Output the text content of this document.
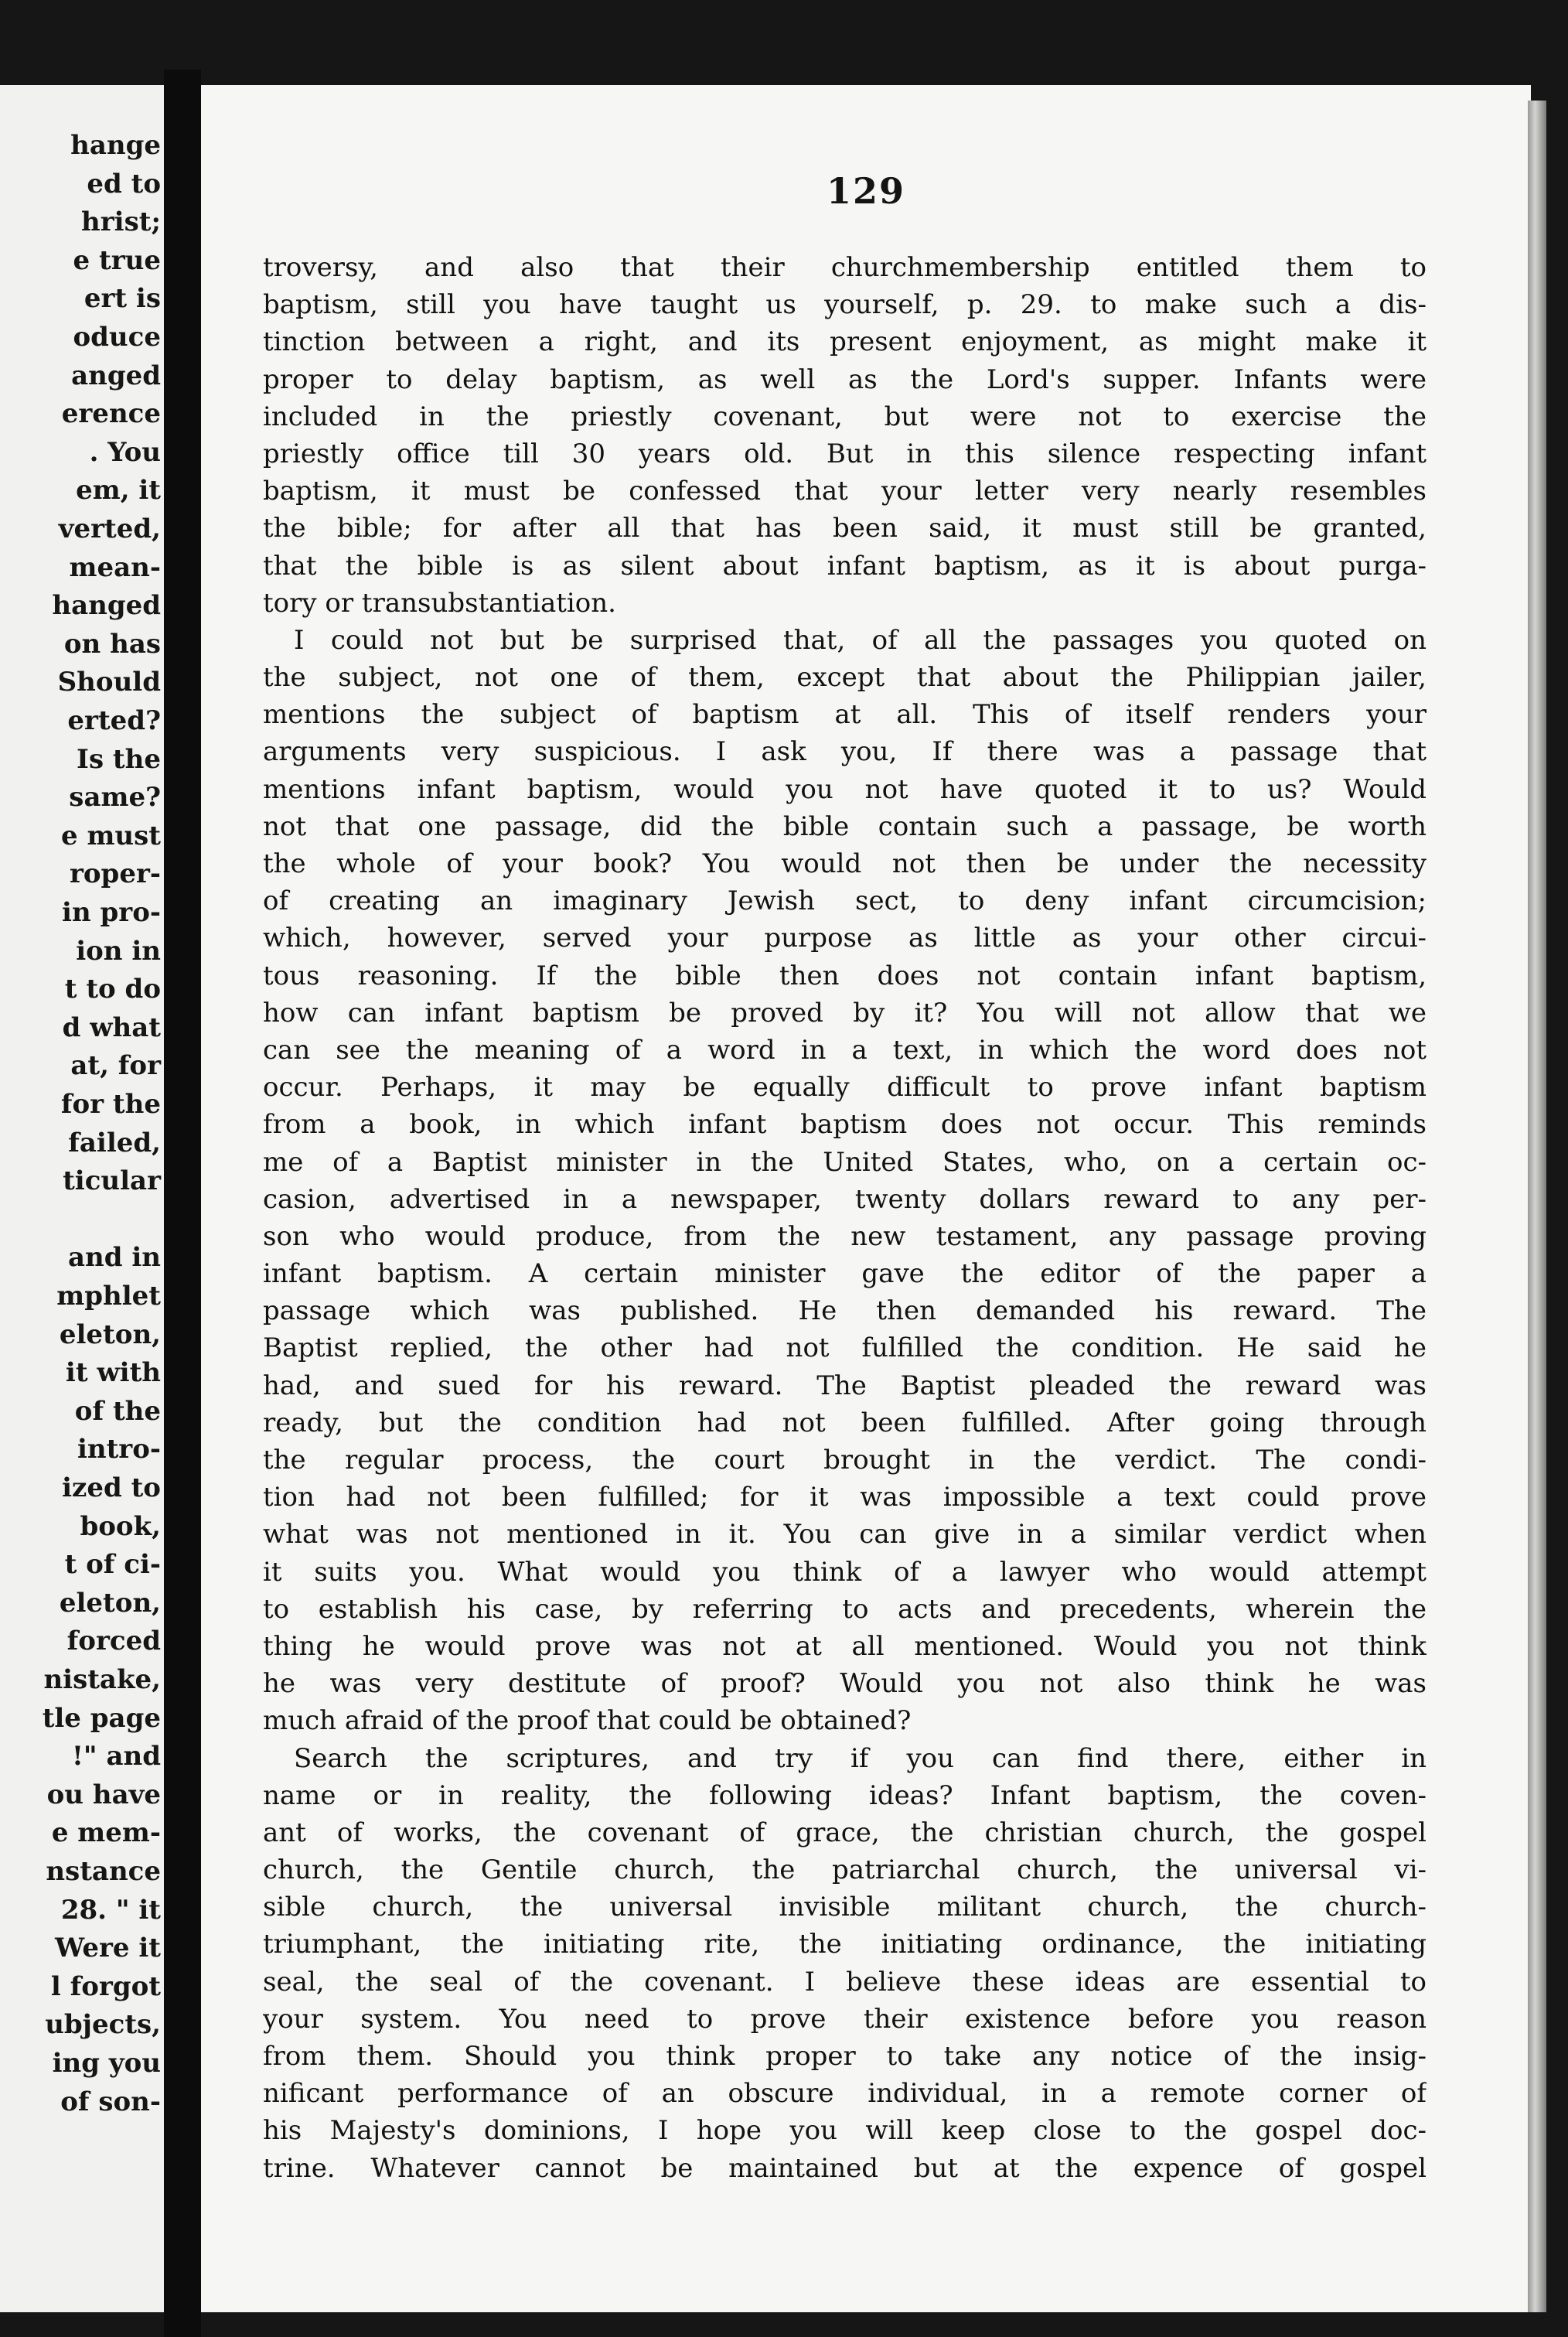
hange
ed to
hrist;
e true
ert is
oduce
anged
erence
. You
em, it
verted,
mean-
hanged
on has
Should
erted?
Is the
same?
e must
roper-
in pro-
ion in
t to do
d what
at, for
for the
failed,
ticular
and in
mphlet
eleton,
it with
of the
intro-
ized to
book,
t of ci-
eleton,
forced
nistake,
tle page
!" and
ou have
e mem-
nstance
28. " it
Were it
l forgot
ubjects,
ing you
of son-
129
troversy, and also that their churchmembership entitled them to
baptism, still you have taught us yourself, p. 29. to make such a dis-
tinction between a right, and its present enjoyment, as might make it
proper to delay baptism, as well as the Lord's supper. Infants were
included in the priestly covenant, but were not to exercise the
priestly office till 30 years old. But in this silence respecting infant
baptism, it must be confessed that your letter very nearly resembles
the bible; for after all that has been said, it must still be granted,
that the bible is as silent about infant baptism, as it is about purga-
tory or transubstantiation.
I could not but be surprised that, of all the passages you quoted on
the subject, not one of them, except that about the Philippian jailer,
mentions the subject of baptism at all. This of itself renders your
arguments very suspicious. I ask you, If there was a passage that
mentions infant baptism, would you not have quoted it to us? Would
not that one passage, did the bible contain such a passage, be worth
the whole of your book? You would not then be under the necessity
of creating an imaginary Jewish sect, to deny infant circumcision;
which, however, served your purpose as little as your other circui-
tous reasoning. If the bible then does not contain infant baptism,
how can infant baptism be proved by it? You will not allow that we
can see the meaning of a word in a text, in which the word does not
occur. Perhaps, it may be equally difficult to prove infant baptism
from a book, in which infant baptism does not occur. This reminds
me of a Baptist minister in the United States, who, on a certain oc-
casion, advertised in a newspaper, twenty dollars reward to any per-
son who would produce, from the new testament, any passage proving
infant baptism. A certain minister gave the editor of the paper a
passage which was published. He then demanded his reward. The
Baptist replied, the other had not fulfilled the condition. He said he
had, and sued for his reward. The Baptist pleaded the reward was
ready, but the condition had not been fulfilled. After going through
the regular process, the court brought in the verdict. The condi-
tion had not been fulfilled; for it was impossible a text could prove
what was not mentioned in it. You can give in a similar verdict when
it suits you. What would you think of a lawyer who would attempt
to establish his case, by referring to acts and precedents, wherein the
thing he would prove was not at all mentioned. Would you not think
he was very destitute of proof? Would you not also think he was
much afraid of the proof that could be obtained?
Search the scriptures, and try if you can find there, either in
name or in reality, the following ideas? Infant baptism, the coven-
ant of works, the covenant of grace, the christian church, the gospel
church, the Gentile church, the patriarchal church, the universal vi-
sible church, the universal invisible militant church, the church-
triumphant, the initiating rite, the initiating ordinance, the initiating
seal, the seal of the covenant. I believe these ideas are essential to
your system. You need to prove their existence before you reason
from them. Should you think proper to take any notice of the insig-
nificant performance of an obscure individual, in a remote corner of
his Majesty's dominions, I hope you will keep close to the gospel doc-
trine. Whatever cannot be maintained but at the expence of gospel
